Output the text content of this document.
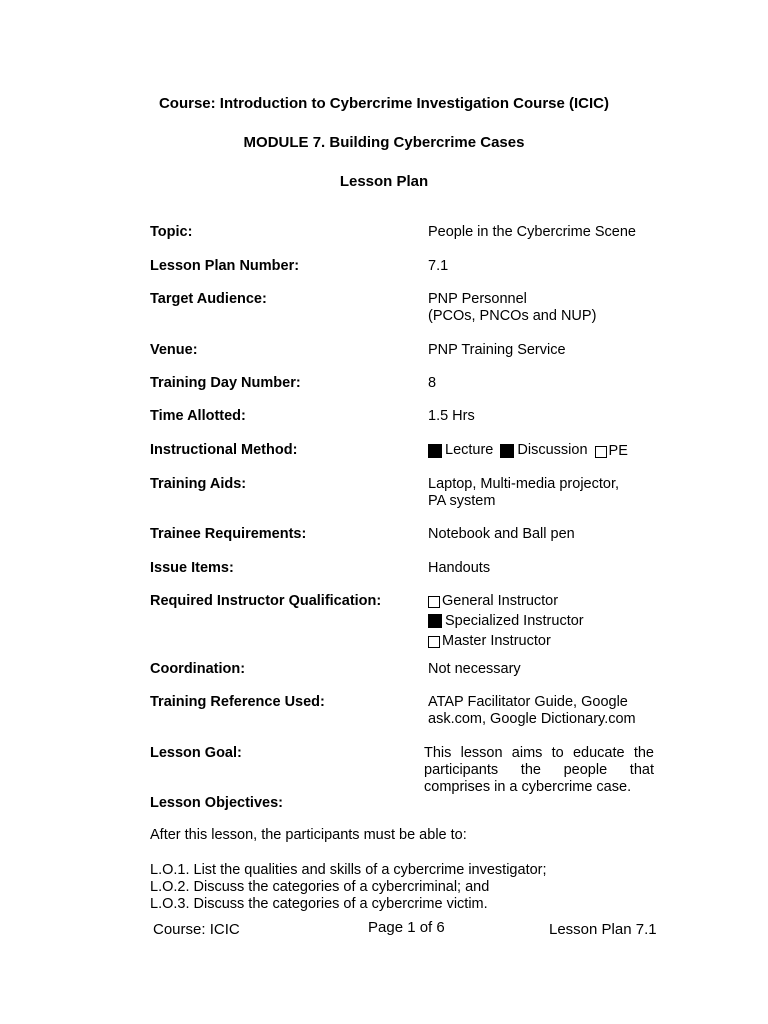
Course: Introduction to Cybercrime Investigation Course (ICIC)
MODULE 7. Building Cybercrime Cases
Lesson Plan
Topic:	People in the Cybercrime Scene
Lesson Plan Number:	7.1
Target Audience:	PNP Personnel
(PCOs, PNCOs and NUP)
Venue:	PNP Training Service
Training Day Number:	8
Time Allotted:	1.5 Hrs
Instructional Method:	Lecture
Discussion
PE
Training Aids:	Laptop, Multi-media projector,
PA system
Trainee Requirements:	Notebook and Ball pen
Issue Items:	Handouts
Required Instructor Qualification:	General Instructor
Specialized Instructor
Master Instructor
Coordination:	Not necessary
Training Reference Used:	ATAP Facilitator Guide, Google
ask.com, Google Dictionary.com
Lesson Goal:	This lesson aims to educate the participants the people that comprises in a cybercrime case.
Lesson Objectives:
After this lesson, the participants must be able to:
L.O.1. List the qualities and skills of a cybercrime investigator;
L.O.2. Discuss the categories of a cybercriminal; and
L.O.3. Discuss the categories of a cybercrime victim.
Course: ICIC	Page 1 of 6	Lesson Plan 7.1
